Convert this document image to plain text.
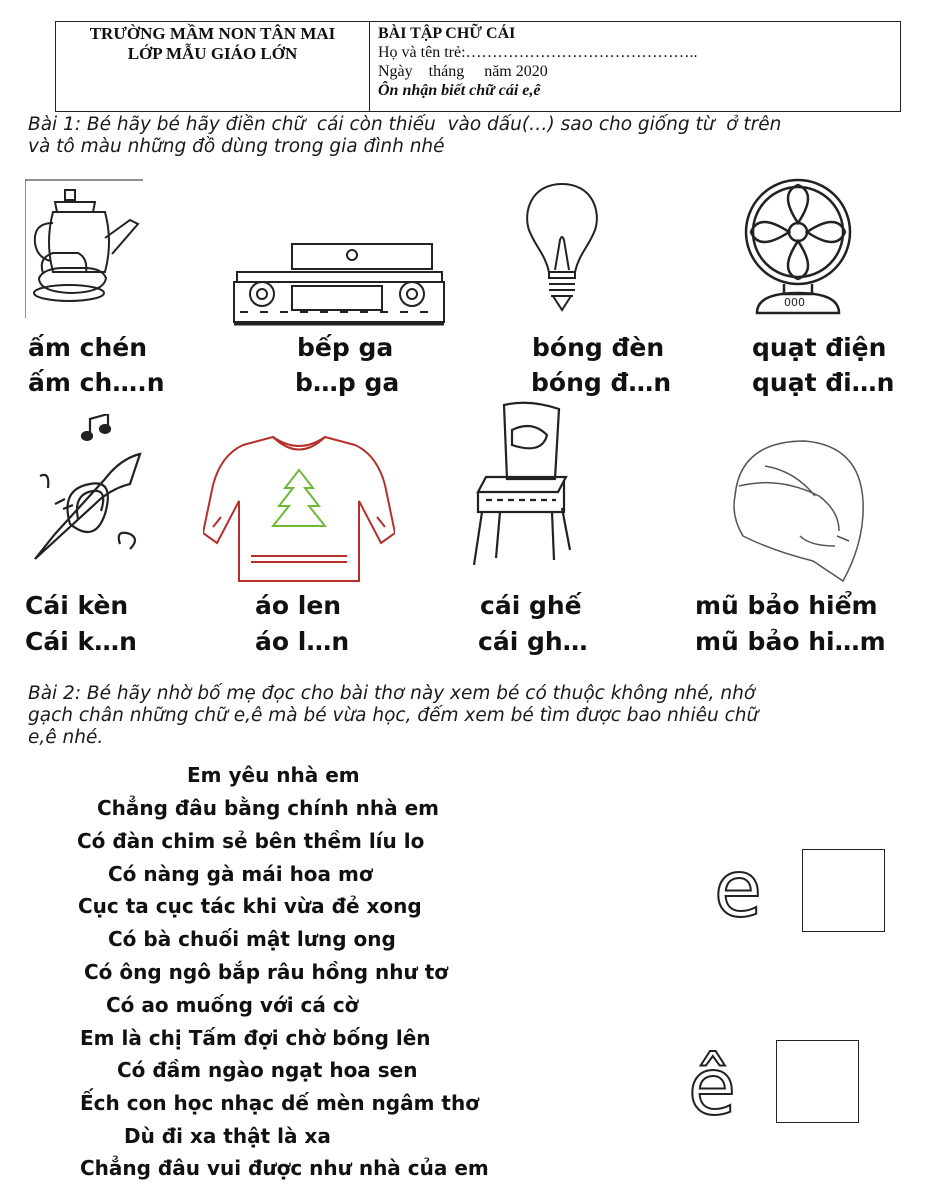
TRƯỜNG MẦM NON TÂN MAI
LỚP MẪU GIÁO LỚN
BÀI TẬP CHỮ CÁI
Họ và tên trẻ:……………………………………..
Ngày    tháng     năm 2020
Ôn nhận biết chữ cái e,ê
Bài 1: Bé hãy bé hãy điền chữ  cái còn thiếu  vào dấu(…) sao cho giống từ  ở trên
và tô màu những đồ dùng trong gia đình nhé
000
ấm chén
ấm ch….n
bếp ga
b…p ga
bóng đèn
bóng đ…n
quạt điện
quạt đi…n
Cái kèn
Cái k…n
áo len
áo l…n
cái ghế
cái gh…
mũ bảo hiểm
mũ bảo hi…m
Bài 2: Bé hãy nhờ bố mẹ đọc cho bài thơ này xem bé có thuộc không nhé, nhớ
gạch chân những chữ e,ê mà bé vừa học, đếm xem bé tìm được bao nhiêu chữ
e,ê nhé.
Em yêu nhà em
Chẳng đâu bằng chính nhà em
Có đàn chim sẻ bên thềm líu lo
Có nàng gà mái hoa mơ
Cục ta cục tác khi vừa đẻ xong
Có bà chuối mật lưng ong
Có ông ngô bắp râu hồng như tơ
Có ao muống với cá cờ
Em là chị Tấm đợi chờ bống lên
Có đầm ngào ngạt hoa sen
Ếch con học nhạc dế mèn ngâm thơ
Dù đi xa thật là xa
Chẳng đâu vui được như nhà của em
e
ê
